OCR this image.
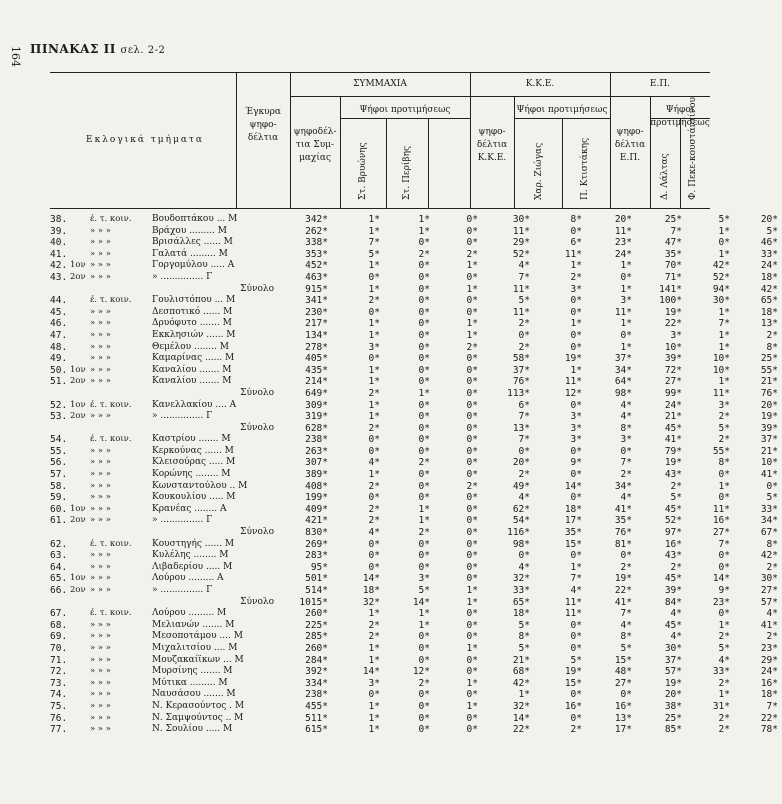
164 ΠΙΝΑΚΑΣ ΙΙ σελ. 2-2
Εκλογικά τμήματα
Έγκυρα ψηφο-δέλτια
ΣΥΜΜΑΧΙΑ	Κ.Κ.Ε.	Ε.Π.
ψηφοδέλ-τια Συμ-μαχίας
ψηφο-δέλτια Κ.Κ.Ε.
ψηφο-δέλτια Ε.Π.
Ψήφοι προτιμήσεως	Ψήφοι προτιμήσεως	Ψήφοι προτιμήσεως
Στ. Βρυώνης	Στ. Περίβης	Χαρ. Ζιώγας	Π. Κτιστάκης	Δ. Λάλτας Φ. Πεκε-κουστάντίνου
38.		έ. τ. κοιν.	Βουδοπτάκου ... Μ	342*	1*	1*	0*	30*	8*	20*	25*	5*	20*
39.		» » »	Βράχου ......... Μ	262*	1*	1*	0*	11*	0*	11*	7*	1*	5*
40.		» » »	Βρισάλλες ...... Μ	338*	7*	0*	0*	29*	6*	23*	47*	0*	46*
41.		» » »	Γαλατά ......... Μ	353*	5*	2*	2*	52*	11*	24*	35*	1*	33*
42.	1ον	» » »	Γοργομύλου ..... Α	452*	1*	0*	1*	4*	1*	1*	70*	42*	24*
43.	2ον	» » »	» ............... Γ	463*	0*	0*	0*	7*	2*	0*	71*	52*	18*
			Σύνολο	915*	1*	0*	1*	11*	3*	1*	141*	94*	42*
44.		έ. τ. κοιν.	Γουλιστόπου ... Μ	341*	2*	0*	0*	5*	0*	3*	100*	30*	65*
45.		» » »	Δεσποτικό ...... Μ	230*	0*	0*	0*	11*	0*	11*	19*	1*	18*
46.		» » »	Δρυόφυτο ....... Μ	217*	1*	0*	1*	2*	1*	1*	22*	7*	13*
47.		» » »	Εκκλησιών ...... Μ	134*	1*	0*	1*	0*	0*	0*	3*	1*	2*
48.		» » »	Θεμέλου ........ Μ	278*	3*	0*	2*	2*	0*	1*	10*	1*	8*
49.		» » »	Καμαρίνας ...... Μ	405*	0*	0*	0*	58*	19*	37*	39*	10*	25*
50.	1ον	» » »	Καναλίου ....... Μ	435*	1*	0*	0*	37*	1*	34*	72*	10*	55*
51.	2ον	» » »	Καναλίου ....... Μ	214*	1*	0*	0*	76*	11*	64*	27*	1*	21*
			Σύνολο	649*	2*	1*	0*	113*	12*	98*	99*	11*	76*
52.	1ον	έ. τ. κοιν.	Κανελλακίου .... Α	309*	1*	0*	0*	6*	0*	4*	24*	3*	20*
53.	2ον	» » »	» ............... Γ	319*	1*	0*	0*	7*	3*	4*	21*	2*	19*
			Σύνολο	628*	2*	0*	0*	13*	3*	8*	45*	5*	39*
54.		έ. τ. κοιν.	Καστρίου ....... Μ	238*	0*	0*	0*	7*	3*	3*	41*	2*	37*
55.		» » »	Κερκούνας ...... Μ	263*	0*	0*	0*	0*	0*	0*	79*	55*	21*
56.		» » »	Κλεισούρας ..... Μ	307*	4*	2*	0*	20*	9*	7*	19*	8*	10*
57.		» » »	Κορώνης ........ Μ	389*	1*	0*	0*	2*	0*	2*	43*	0*	41*
58.		» » »	Κωνσταντούλου .. Μ	408*	2*	0*	2*	49*	14*	34*	2*	1*	0*
59.		» » »	Κουκουλίου ..... Μ	199*	0*	0*	0*	4*	0*	4*	5*	0*	5*
60.	1ον	» » »	Κρανέας ........ Α	409*	2*	1*	0*	62*	18*	41*	45*	11*	33*
61.	2ον	» » »	» ............... Γ	421*	2*	1*	0*	54*	17*	35*	52*	16*	34*
			Σύνολο	830*	4*	2*	0*	116*	35*	76*	97*	27*	67*
62.		έ. τ. κοιν.	Κουστηγής ...... Μ	269*	0*	0*	0*	98*	15*	81*	16*	7*	8*
63.		» » »	Κυλέλης ........ Μ	283*	0*	0*	0*	0*	0*	0*	43*	0*	42*
64.		» » »	Λιβαδερίου ..... Μ	95*	0*	0*	0*	4*	1*	2*	2*	0*	2*
65.	1ον	» » »	Λούρου ......... Α	501*	14*	3*	0*	32*	7*	19*	45*	14*	30*
66.	2ον	» » »	» ............... Γ	514*	18*	5*	1*	33*	4*	22*	39*	9*	27*
			Σύνολο	1015*	32*	14*	1*	65*	11*	41*	84*	23*	57*
67.		έ. τ. κοιν.	Λούρου ......... Μ	260*	1*	1*	0*	18*	11*	7*	4*	0*	4*
68.		» » »	Μελιανών ....... Μ	225*	2*	1*	0*	5*	0*	4*	45*	1*	41*
69.		» » »	Μεσοποτάμου .... Μ	285*	2*	0*	0*	8*	0*	8*	4*	2*	2*
70.		» » »	Μιχαλιτσίου .... Μ	260*	1*	0*	1*	5*	0*	5*	30*	5*	23*
71.		» » »	Μουζακαίϊκων ... Μ	284*	1*	0*	0*	21*	5*	15*	37*	4*	29*
72.		» » »	Μυρσίνης ....... Μ	392*	14*	12*	0*	68*	19*	48*	57*	33*	24*
73.		» » »	Μύτικα ......... Μ	334*	3*	2*	1*	42*	15*	27*	19*	2*	16*
74.		» » »	Ναυσάσου ....... Μ	238*	0*	0*	0*	1*	0*	0*	20*	1*	18*
75.		» » »	Ν. Κερασούντος . Μ	455*	1*	0*	1*	32*	16*	16*	38*	31*	7*
76.		» » »	Ν. Σαμψούντος .. Μ	511*	1*	0*	0*	14*	0*	13*	25*	2*	22*
77.		» » »	Ν. Σουλίου ..... Μ	615*	1*	0*	0*	22*	2*	17*	85*	2*	78*
